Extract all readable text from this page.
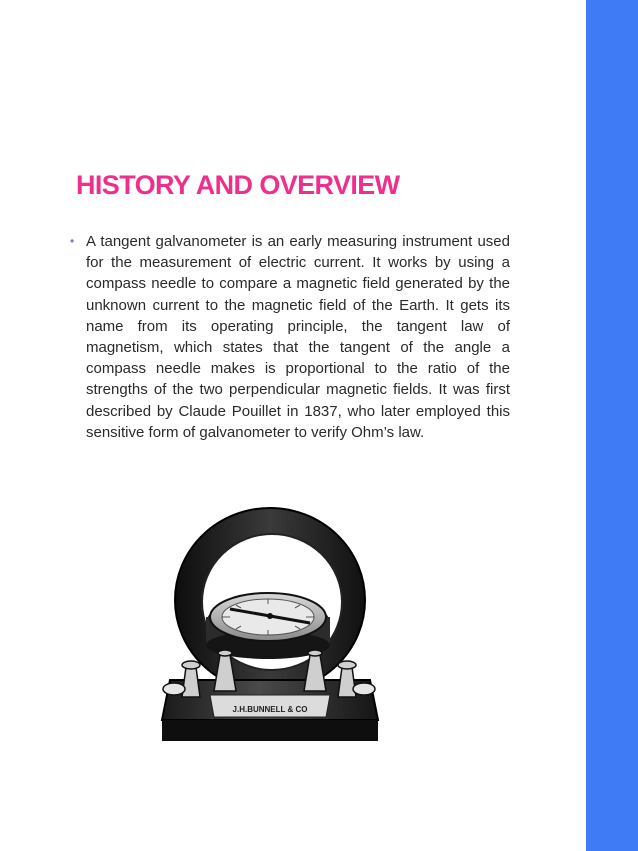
HISTORY AND OVERVIEW
• A tangent galvanometer is an early measuring instrument used for the measurement of electric current. It works by using a compass needle to compare a magnetic field generated by the unknown current to the magnetic field of the Earth. It gets its name from its operating principle, the tangent law of magnetism, which states that the tangent of the angle a compass needle makes is proportional to the ratio of the strengths of the two perpendicular magnetic fields. It was first described by Claude Pouillet in 1837, who later employed this sensitive form of galvanometer to verify Ohm’s law.
J.H.BUNNELL & CO
